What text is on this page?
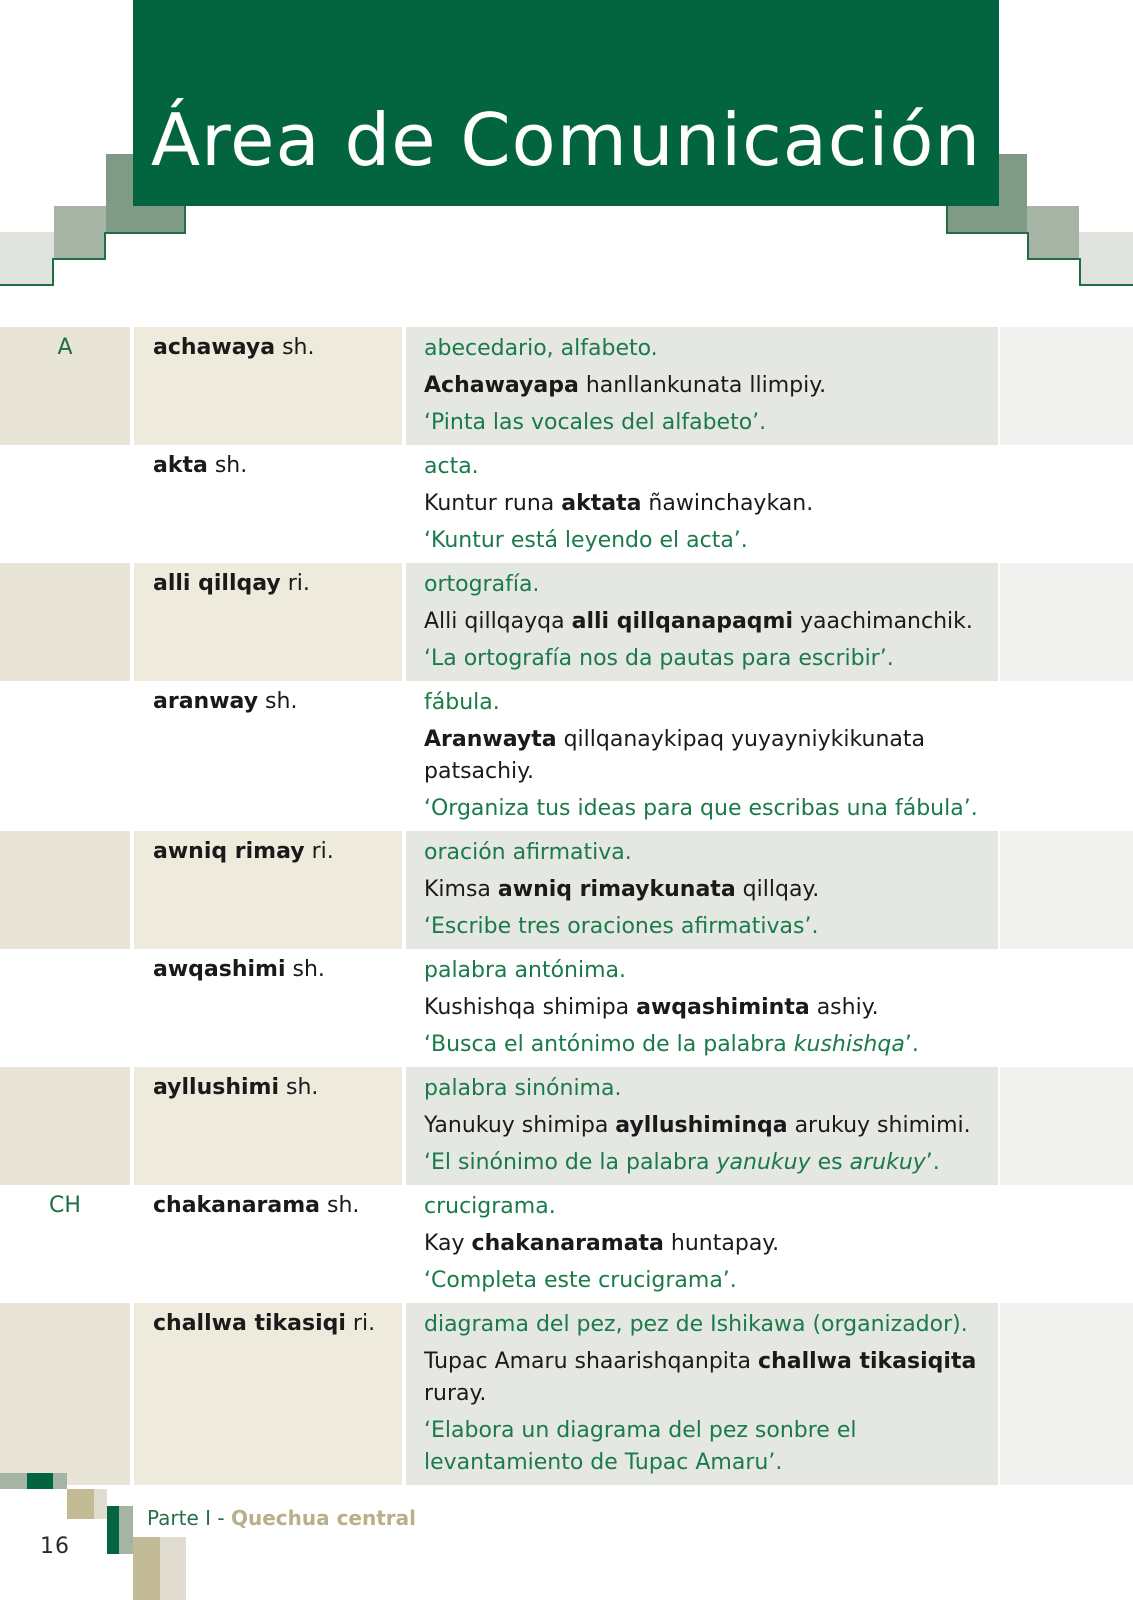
Área de Comunicación
A	achawaya sh.	abecedario, alfabeto.
Achawayapa hanllankunata llimpiy.
‘Pinta las vocales del alfabeto’.
akta sh.	acta.
Kuntur runa aktata ñawinchaykan.
‘Kuntur está leyendo el acta’.
alli qillqay ri.	ortografía.
Alli qillqayqa alli qillqanapaqmi yaachimanchik.
‘La ortografía nos da pautas para escribir’.
aranway sh.	fábula.
Aranwayta qillqanaykipaq yuyayniykikunata patsachiy.
‘Organiza tus ideas para que escribas una fábula’.
awniq rimay ri.	oración afirmativa.
Kimsa awniq rimaykunata qillqay.
‘Escribe tres oraciones afirmativas’.
awqashimi sh.	palabra antónima.
Kushishqa shimipa awqashiminta ashiy.
‘Busca el antónimo de la palabra kushishqa’.
ayllushimi sh.	palabra sinónima.
Yanukuy shimipa ayllushiminqa arukuy shimimi.
‘El sinónimo de la palabra yanukuy es arukuy’.
CH	chakanarama sh.	crucigrama.
Kay chakanaramata huntapay.
‘Completa este crucigrama’.
challwa tikasiqi ri. diagrama del pez, pez de Ishikawa (organizador).
Tupac Amaru shaarishqanpita challwa tikasiqita ruray.
‘Elabora un diagrama del pez sonbre el levantamiento de Tupac Amaru’.
Parte I - Quechua central
16
